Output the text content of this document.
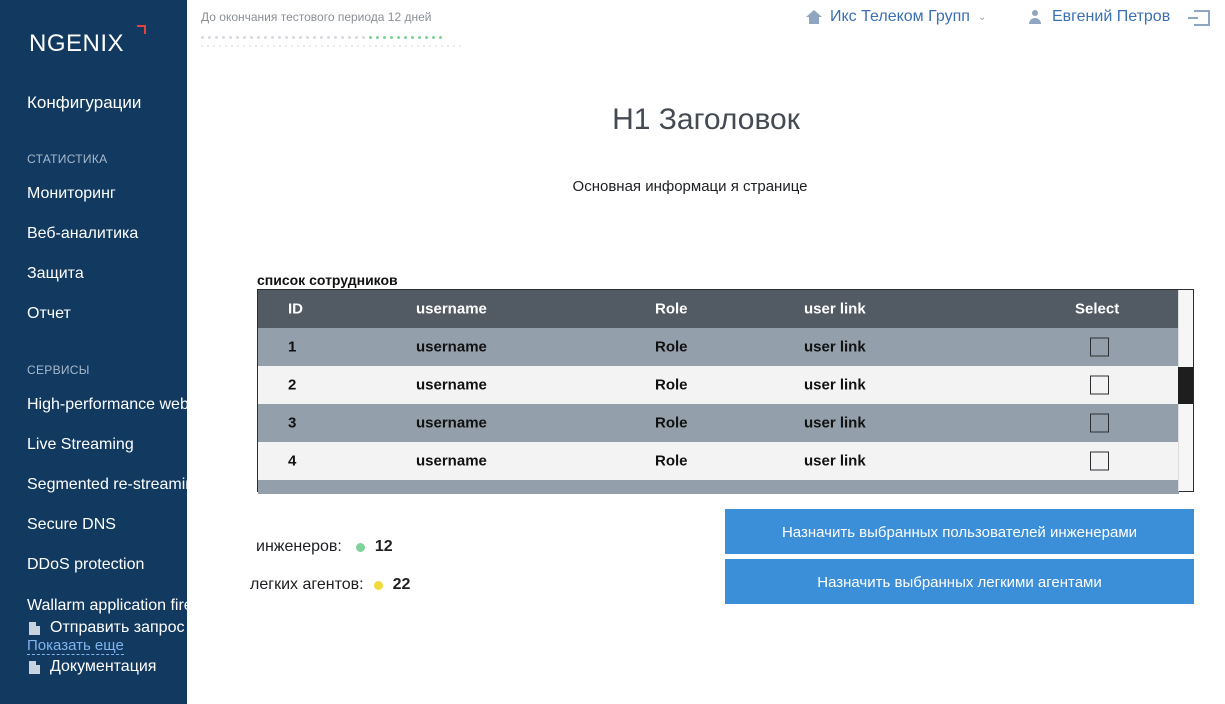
NGENIX
Конфигурации
СТАТИСТИКА
Мониторинг
Веб-аналитика
Защита
Отчет
СЕРВИСЫ
High-performance web
Live Streaming
Segmented re-streaming
Secure DNS
DDoS protection
Wallarm application firewall
Отправить запрос
Показать еще
Документация
До окончания тестового периода 12 дней	Икс Телеком Групп ⌄	Евгений Петров
H1 Заголовок
Основная информаци я странице
список сотрудников
ID	username	Role	user link	Select
1	username	Role	user link
2	username	Role	user link
3	username	Role	user link
4	username	Role	user link
инженеров: 12
легких агентов: 22
Назначить выбранных пользователей инженерами
Назначить выбранных легкими агентами
